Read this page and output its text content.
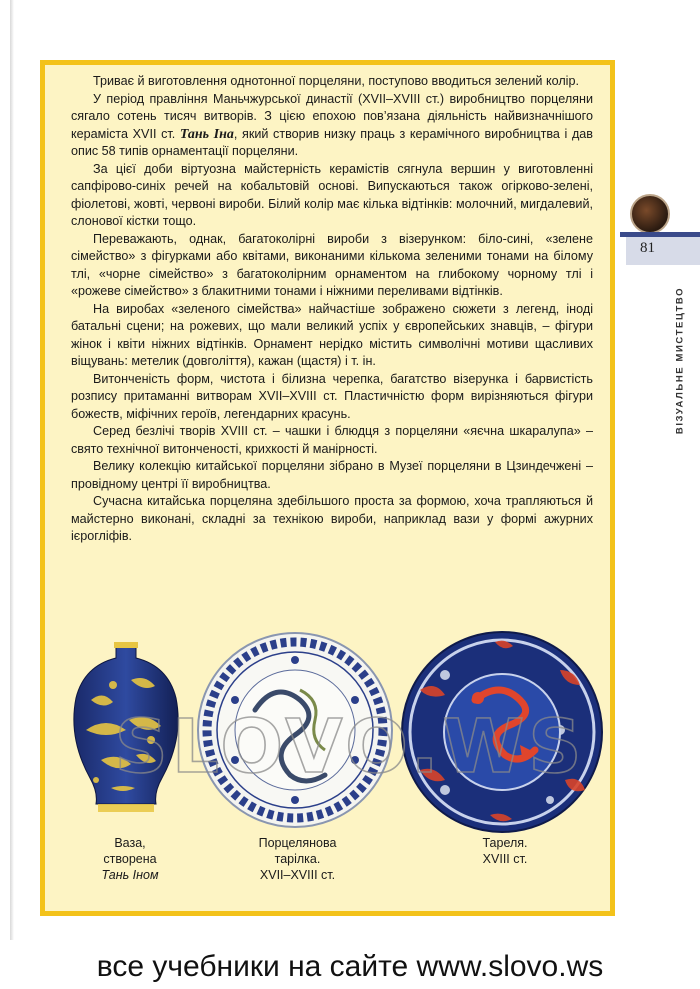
Триває й виготовлення однотонної порцеляни, поступово вводиться зелений колір.

У період правління Маньчжурської династії (XVII–XVIII ст.) виробництво порцеляни сягало сотень тисяч витворів. З цією епохою пов’язана діяльність найвизначнішого кераміста XVII ст. Тань Іна, який створив низку праць з керамічного виробництва і дав опис 58 типів орнаментації порцеляни.

За цієї доби віртуозна майстерність керамістів сягнула вершин у виготовленні сапфірово-синіх речей на кобальтовій основі. Випускаються також огірково-зелені, фіолетові, жовті, червоні вироби. Білий колір має кілька відтінків: молочний, мигдалевий, слонової кістки тощо.

Переважають, однак, багатоколірні вироби з візерунком: біло-сині, «зелене сімейство» з фігурками або квітами, виконаними кількома зеленими тонами на білому тлі, «чорне сімейство» з багатоколірним орнаментом на глибокому чорному тлі і «рожеве сімейство» з блакитними тонами і ніжними переливами відтінків.

На виробах «зеленого сімейства» найчастіше зображено сюжети з легенд, іноді батальні сцени; на рожевих, що мали великий успіх у європейських знавців, – фігури жінок і квіти ніжних відтінків. Орнамент нерідко містить символічні мотиви щасливих віщувань: метелик (довголіття), кажан (щастя) і т. ін.

Витонченість форм, чистота і білизна черепка, багатство візерунка і барвистість розпису притаманні витворам XVII–XVIII ст. Пластичністю форм вирізняються фігури божеств, міфічних героїв, легендарних красунь.

Серед безлічі творів XVIII ст. – чашки і блюдця з порцеляни «яєчна шкаралупа» – свято технічної витонченості, крихкості й манірності.

Велику колекцію китайської порцеляни зібрано в Музеї порцеляни в Цзиндечжені – провідному центрі її виробництва.

Сучасна китайська порцеляна здебільшого проста за формою, хоча трапляються й майстерно виконані, складні за технікою вироби, наприклад вази у формі ажурних ієрогліфів.

Ваза,
створена
Тань Іном
Порцелянова
тарілка.
XVII–XVIII ст.
Тареля.
XVIII ст.
SLOVO.WS
81
ВІЗУАЛЬНЕ МИСТЕЦТВО
все учебники на сайте www.slovo.ws
